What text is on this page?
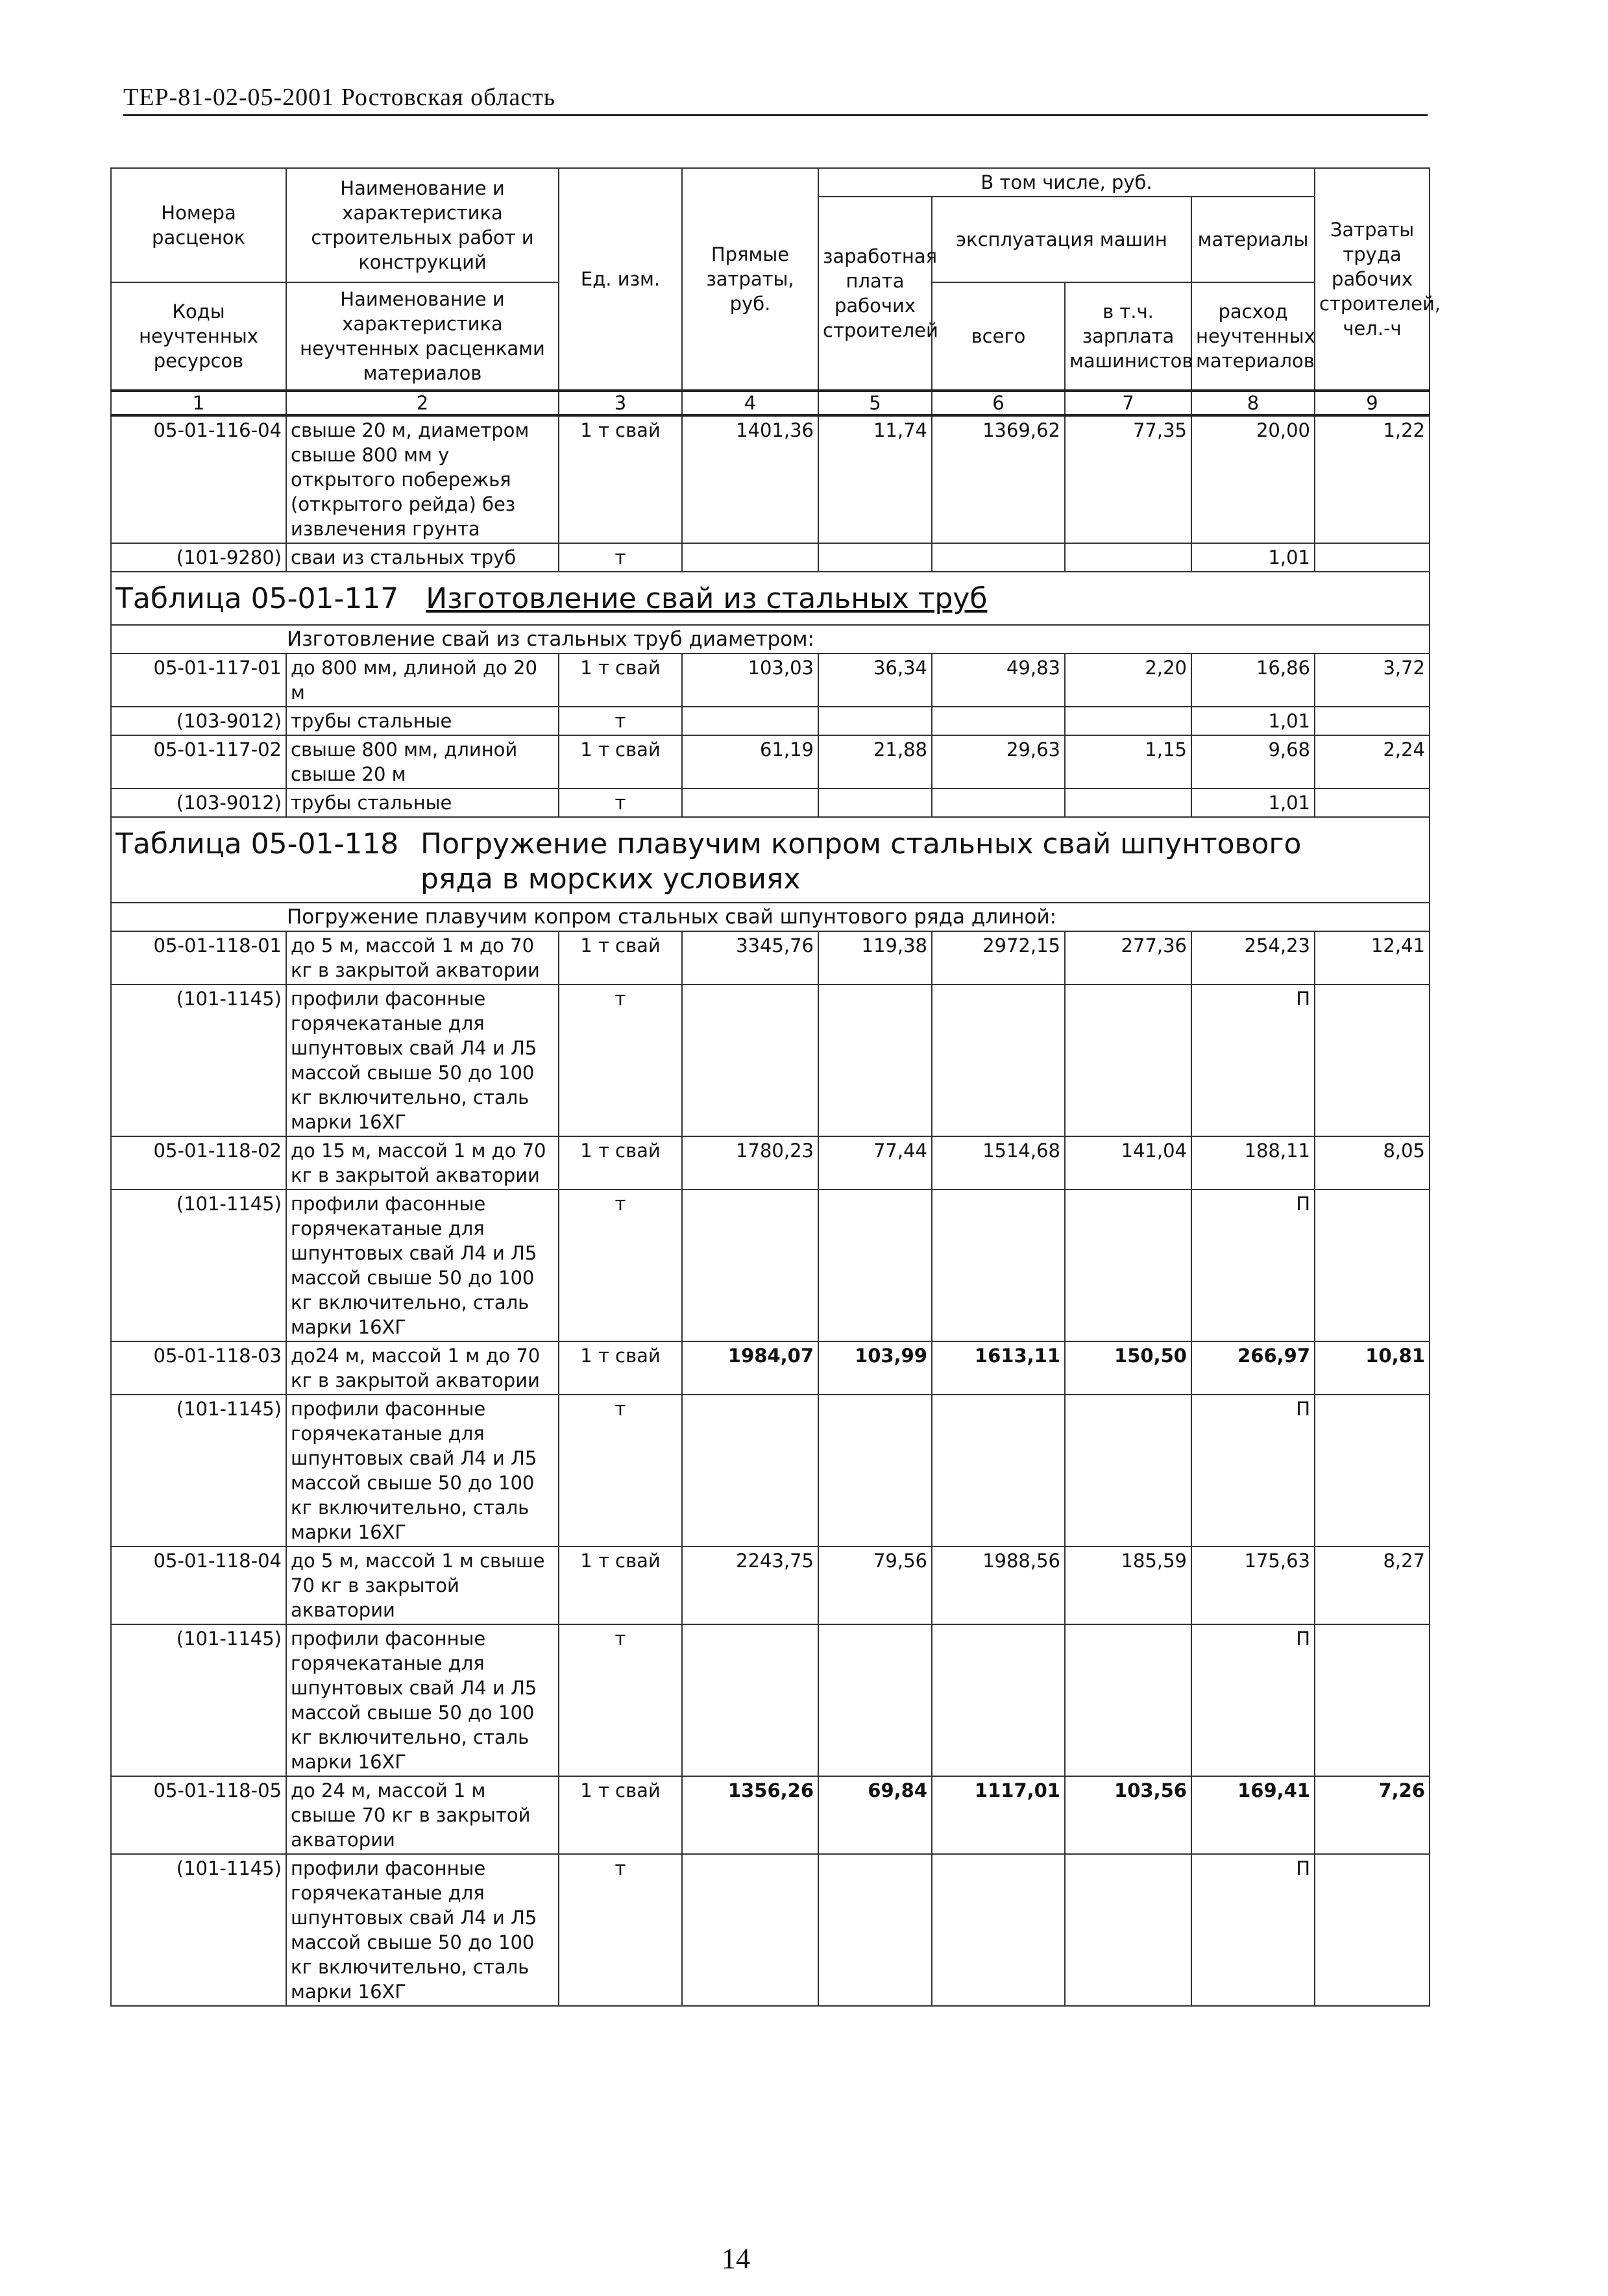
ТЕР-81-02-05-2001 Ростовская область
Номера расценок	Наименование и характеристика строительных работ и конструкций	Ед. изм.	Прямые затраты, руб.	В том числе, руб.				Затраты труда рабочих строителей, чел.-ч
				заработная плата рабочих строителей	эксплуатация машин		материалы	
Коды неучтенных ресурсов	Наименование и характеристика неучтенных расценками материалов				всего	в т.ч. зарплата машинистов	расход неучтенных материалов	

1	2	3	4	5	6	7	8	9
05-01-116-04	свыше 20 м, диаметром свыше 800 мм у открытого побережья (открытого рейда) без извлечения грунта	1 т свай	1401,36	11,74	1369,62	77,35	20,00	1,22
(101-9280)	сваи из стальных труб	т					1,01	
Таблица 05-01-117 Изготовление свай из стальных труб								
Изготовление свай из стальных труб диаметром:								
05-01-117-01	до 800 мм, длиной до 20 м	1 т свай	103,03	36,34	49,83	2,20	16,86	3,72
(103-9012)	трубы стальные	т					1,01	
05-01-117-02	свыше 800 мм, длиной свыше 20 м	1 т свай	61,19	21,88	29,63	1,15	9,68	2,24
(103-9012)	трубы стальные	т					1,01	
Таблица 05-01-118 Погружение плавучим копром стальных свай шпунтового ряда в морских условиях								
Погружение плавучим копром стальных свай шпунтового ряда длиной:								
05-01-118-01	до 5 м, массой 1 м до 70 кг в закрытой акватории	1 т свай	3345,76	119,38	2972,15	277,36	254,23	12,41
(101-1145)	профили фасонные горячекатаные для шпунтовых свай Л4 и Л5 массой свыше 50 до 100 кг включительно, сталь марки 16ХГ	т					П	
05-01-118-02	до 15 м, массой 1 м до 70 кг в закрытой акватории	1 т свай	1780,23	77,44	1514,68	141,04	188,11	8,05
(101-1145)	профили фасонные горячекатаные для шпунтовых свай Л4 и Л5 массой свыше 50 до 100 кг включительно, сталь марки 16ХГ	т					П	
05-01-118-03	до24 м, массой 1 м до 70 кг в закрытой акватории	1 т свай	1984,07	103,99	1613,11	150,50	266,97	10,81
(101-1145)	профили фасонные горячекатаные для шпунтовых свай Л4 и Л5 массой свыше 50 до 100 кг включительно, сталь марки 16ХГ	т					П	
05-01-118-04	до 5 м, массой 1 м свыше 70 кг в закрытой акватории	1 т свай	2243,75	79,56	1988,56	185,59	175,63	8,27
(101-1145)	профили фасонные горячекатаные для шпунтовых свай Л4 и Л5 массой свыше 50 до 100 кг включительно, сталь марки 16ХГ	т					П	
05-01-118-05	до 24 м, массой 1 м свыше 70 кг в закрытой акватории	1 т свай	1356,26	69,84	1117,01	103,56	169,41	7,26
(101-1145)	профили фасонные горячекатаные для шпунтовых свай Л4 и Л5 массой свыше 50 до 100 кг включительно, сталь марки 16ХГ	т					П	
14
